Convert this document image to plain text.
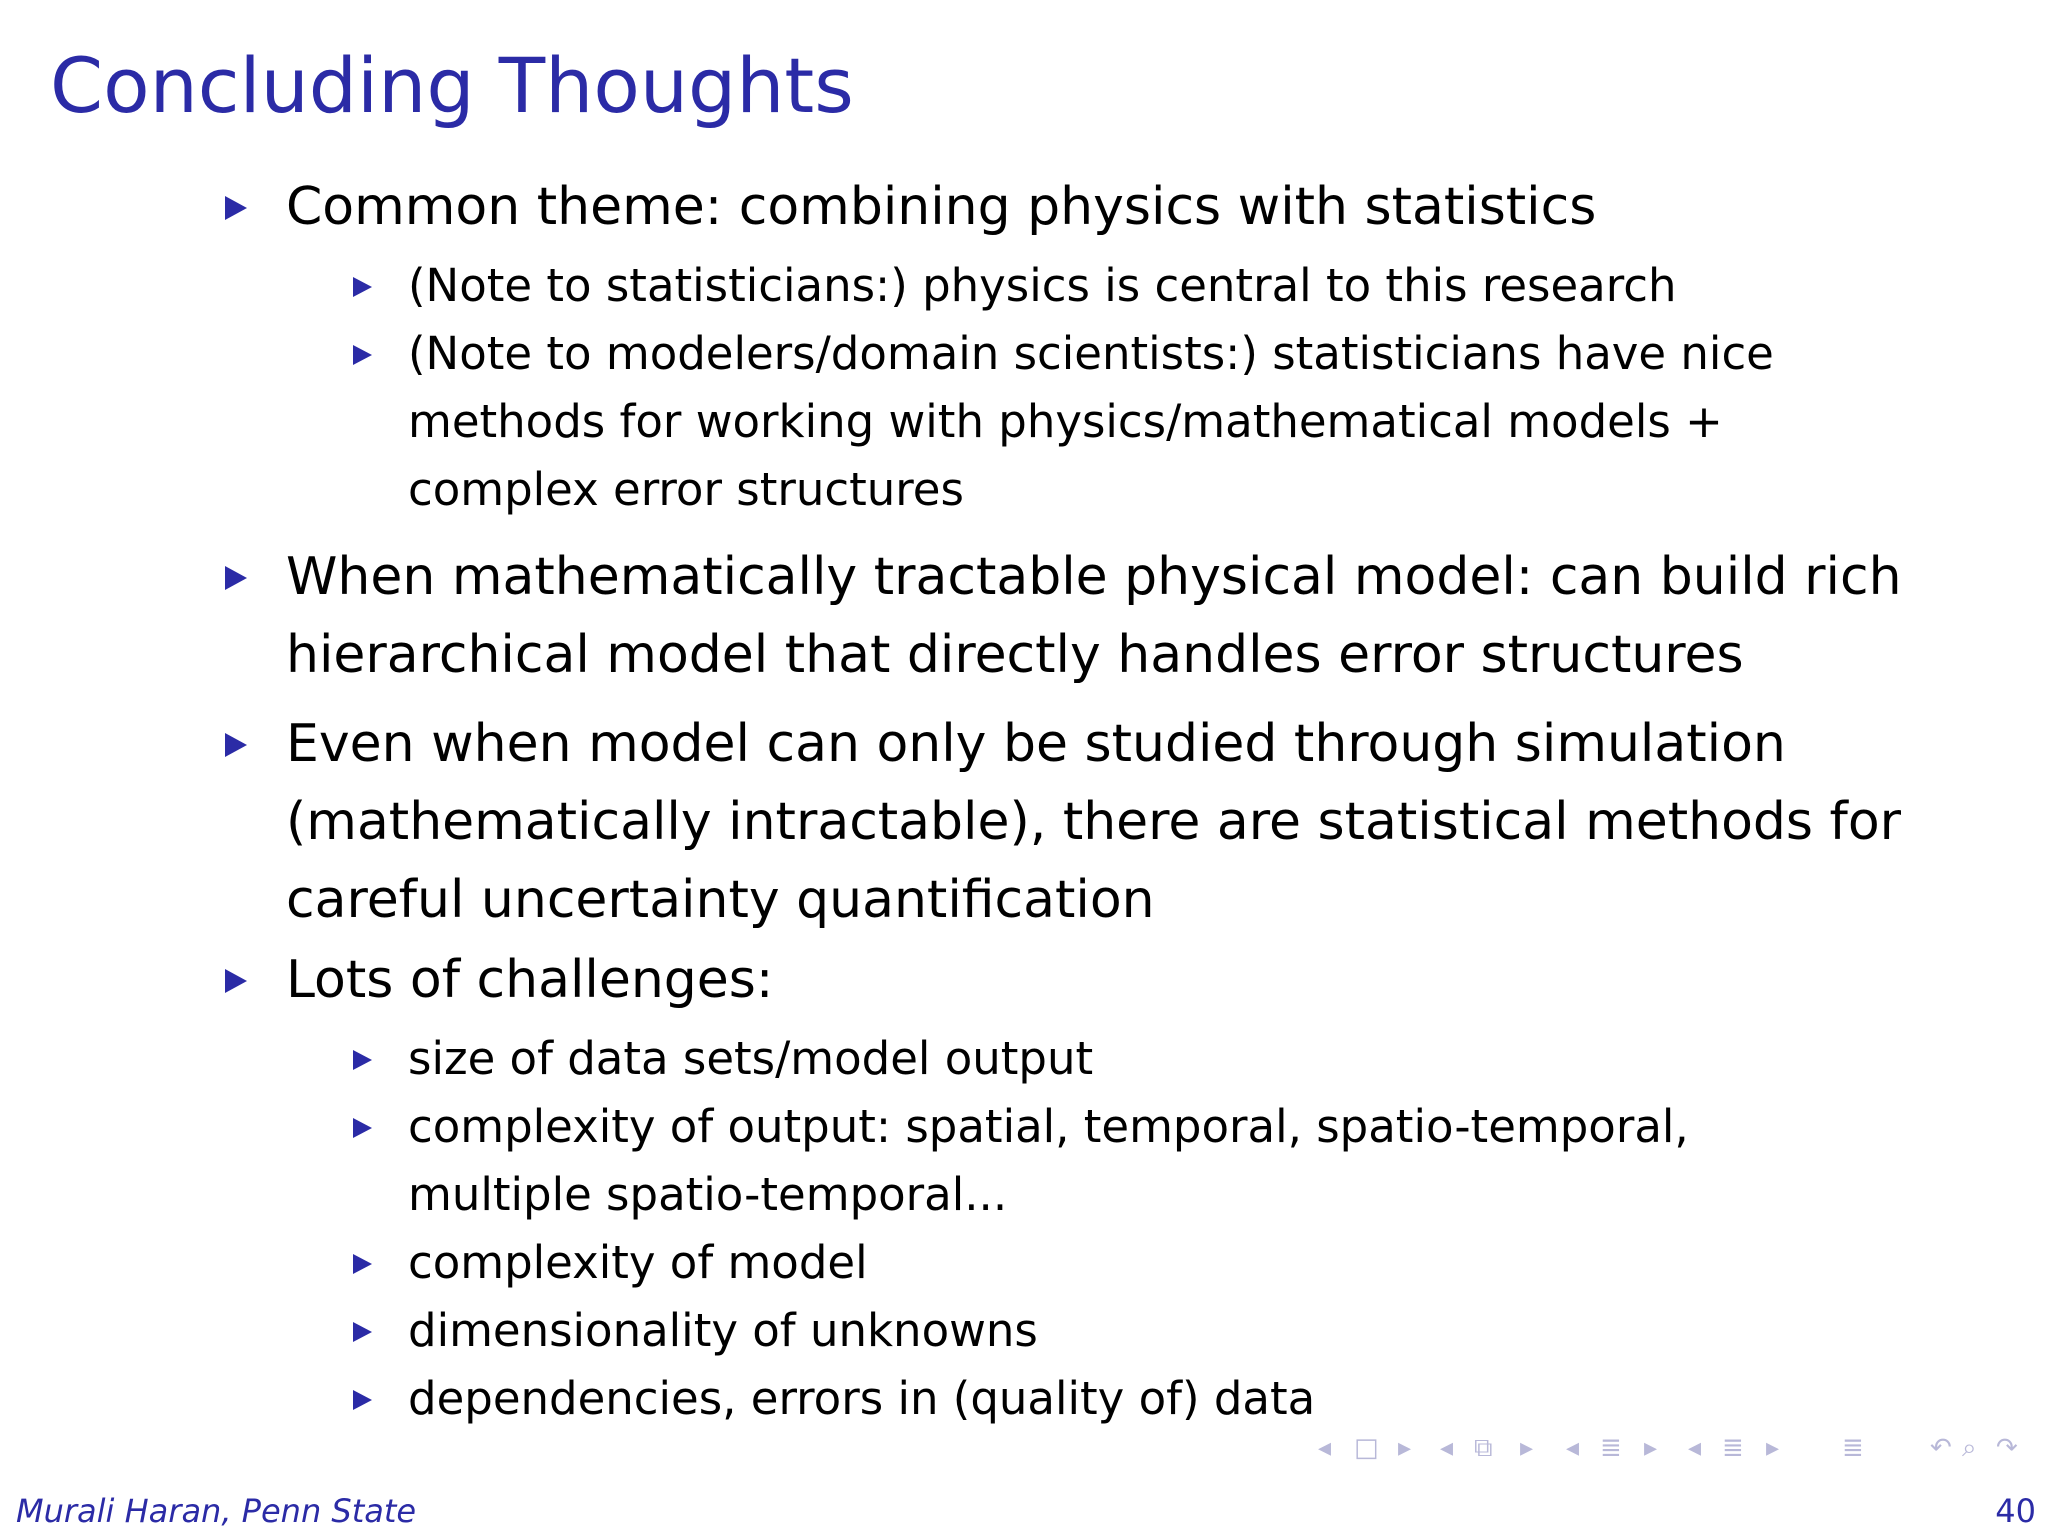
Concluding Thoughts
Common theme: combining physics with statistics
(Note to statisticians:) physics is central to this research
(Note to modelers/domain scientists:) statisticians have nice
methods for working with physics/mathematical models +
complex error structures
When mathematically tractable physical model: can build rich
hierarchical model that directly handles error structures
Even when model can only be studied through simulation
(mathematically intractable), there are statistical methods for
careful uncertainty quantification
Lots of challenges:
size of data sets/model output
complexity of output: spatial, temporal, spatio-temporal,
multiple spatio-temporal...
complexity of model
dimensionality of unknowns
dependencies, errors in (quality of) data
◂ □ ▸ ◂ ⧉ ▸ ◂ ≣ ▸ ◂ ≣ ▸ ≣	↶ ⌕ ↷
Murali Haran, Penn State	40
